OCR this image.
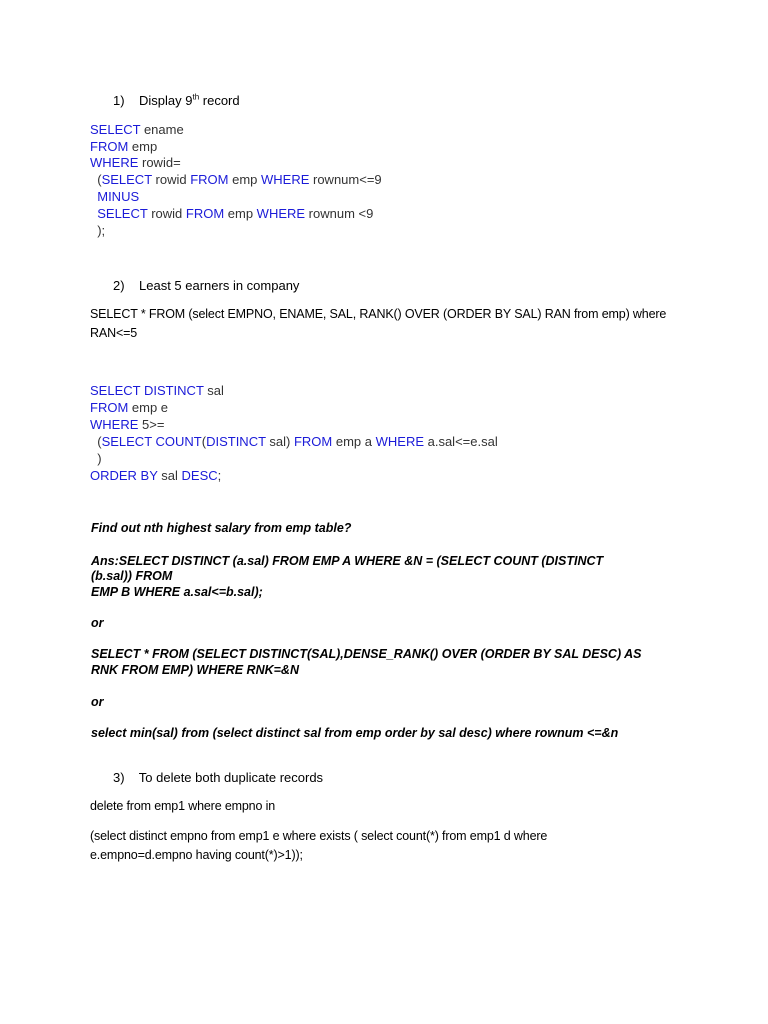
1)    Display 9th record
SELECT ename
FROM emp
WHERE rowid=
(SELECT rowid FROM emp WHERE rownum<=9
MINUS
SELECT rowid FROM emp WHERE rownum <9
);
2)    Least 5 earners in company
SELECT * FROM (select EMPNO, ENAME, SAL, RANK() OVER (ORDER BY SAL) RAN from emp) where
RAN<=5
SELECT DISTINCT sal
FROM emp e
WHERE 5>=
(SELECT COUNT(DISTINCT sal) FROM emp a WHERE a.sal<=e.sal
)
ORDER BY sal DESC;
Find out nth highest salary from emp table?
Ans:SELECT DISTINCT (a.sal) FROM EMP A WHERE &N = (SELECT COUNT (DISTINCT
(b.sal)) FROM
EMP B WHERE a.sal<=b.sal);
or
SELECT * FROM (SELECT DISTINCT(SAL),DENSE_RANK() OVER (ORDER BY SAL DESC) AS
RNK FROM EMP) WHERE RNK=&N
or
select min(sal) from (select distinct sal from emp order by sal desc) where rownum <=&n
3)    To delete both duplicate records
delete from emp1 where empno in
(select distinct empno from emp1 e where exists ( select count(*) from emp1 d where
e.empno=d.empno having count(*)>1));
